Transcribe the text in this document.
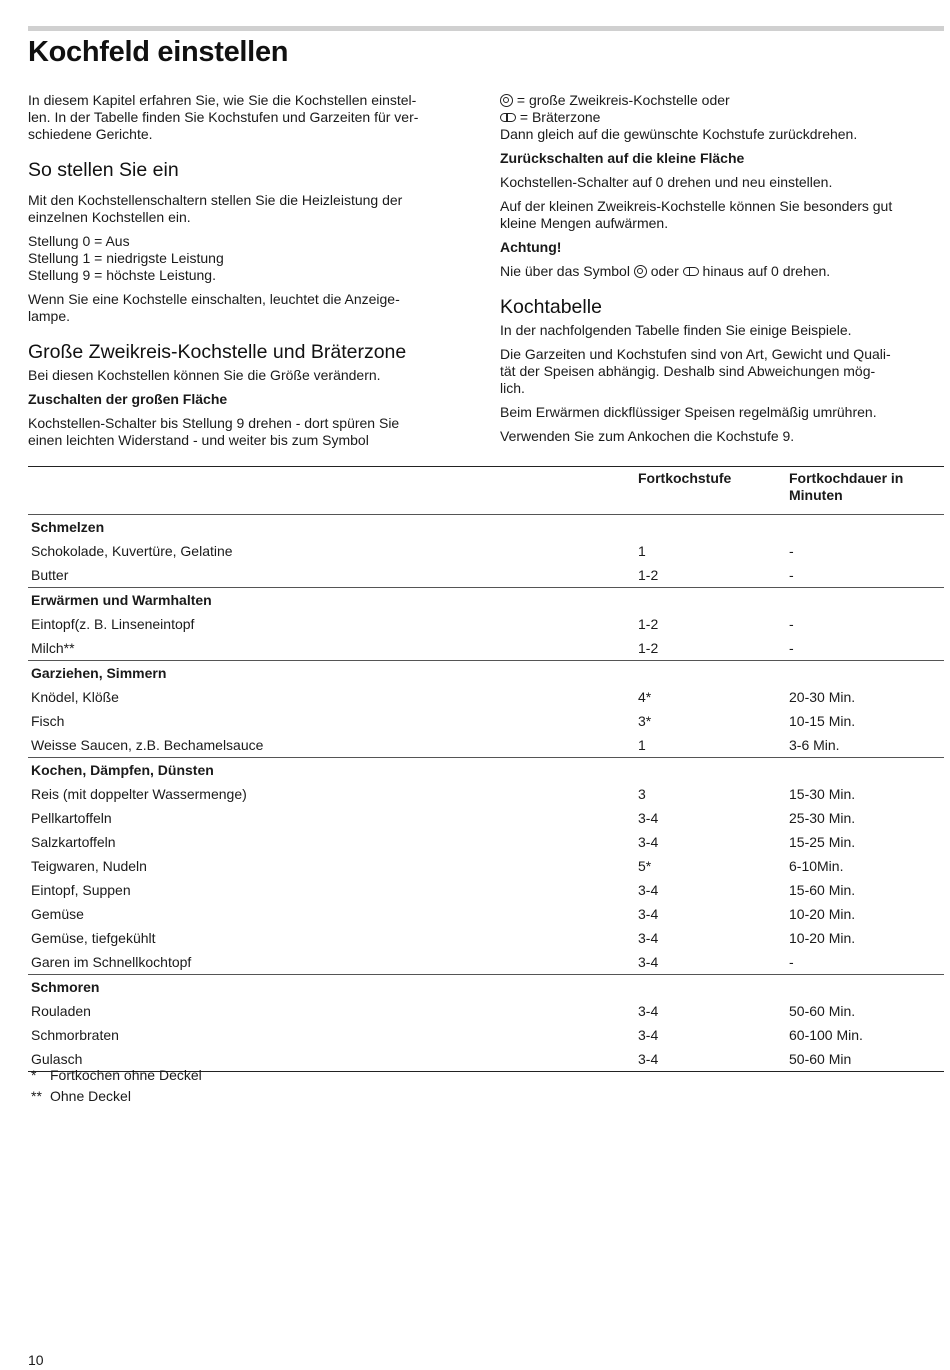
Kochfeld einstellen

In diesem Kapitel erfahren Sie, wie Sie die Kochstellen einstel-
len. In der Tabelle finden Sie Kochstufen und Garzeiten für ver-
schiedene Gerichte.

So stellen Sie ein

Mit den Kochstellenschaltern stellen Sie die Heizleistung der
einzelnen Kochstellen ein.

Stellung 0 = Aus
Stellung 1 = niedrigste Leistung
Stellung 9 = höchste Leistung.

Wenn Sie eine Kochstelle einschalten, leuchtet die Anzeige-
lampe.

Große Zweikreis-Kochstelle und Bräterzone

Bei diesen Kochstellen können Sie die Größe verändern.

Zuschalten der großen Fläche

Kochstellen-Schalter bis Stellung 9 drehen - dort spüren Sie
einen leichten Widerstand - und weiter bis zum Symbol

= große Zweikreis-Kochstelle oder
= Bräterzone
Dann gleich auf die gewünschte Kochstufe zurückdrehen.

Zurückschalten auf die kleine Fläche

Kochstellen-Schalter auf 0 drehen und neu einstellen.

Auf der kleinen Zweikreis-Kochstelle können Sie besonders gut
kleine Mengen aufwärmen.

Achtung!

Nie über das Symbol  oder  hinaus auf 0 drehen.

Kochtabelle

In der nachfolgenden Tabelle finden Sie einige Beispiele.

Die Garzeiten und Kochstufen sind von Art, Gewicht und Quali-
tät der Speisen abhängig. Deshalb sind Abweichungen mög-
lich.

Beim Erwärmen dickflüssiger Speisen regelmäßig umrühren.

Verwenden Sie zum Ankochen die Kochstufe 9.

	Fortkochstufe	Fortkochdauer in
Minuten

Schmelzen		
Schokolade, Kuvertüre, Gelatine	1	-
Butter	1-2	-
Erwärmen und Warmhalten		
Eintopf(z. B. Linseneintopf	1-2	-
Milch**	1-2	-
Garziehen, Simmern		
Knödel, Klöße	4*	20-30 Min.
Fisch	3*	10-15 Min.
Weisse Saucen, z.B. Bechamelsauce	1	3-6 Min.
Kochen, Dämpfen, Dünsten		
Reis (mit doppelter Wassermenge)	3	15-30 Min.
Pellkartoffeln	3-4	25-30 Min.
Salzkartoffeln	3-4	15-25 Min.
Teigwaren, Nudeln	5*	6-10Min.
Eintopf, Suppen	3-4	15-60 Min.
Gemüse	3-4	10-20 Min.
Gemüse, tiefgekühlt	3-4	10-20 Min.
Garen im Schnellkochtopf	3-4	-
Schmoren		
Rouladen	3-4	50-60 Min.
Schmorbraten	3-4	60-100 Min.
Gulasch	3-4	50-60 Min
* Fortkochen ohne Deckel
** Ohne Deckel
10
